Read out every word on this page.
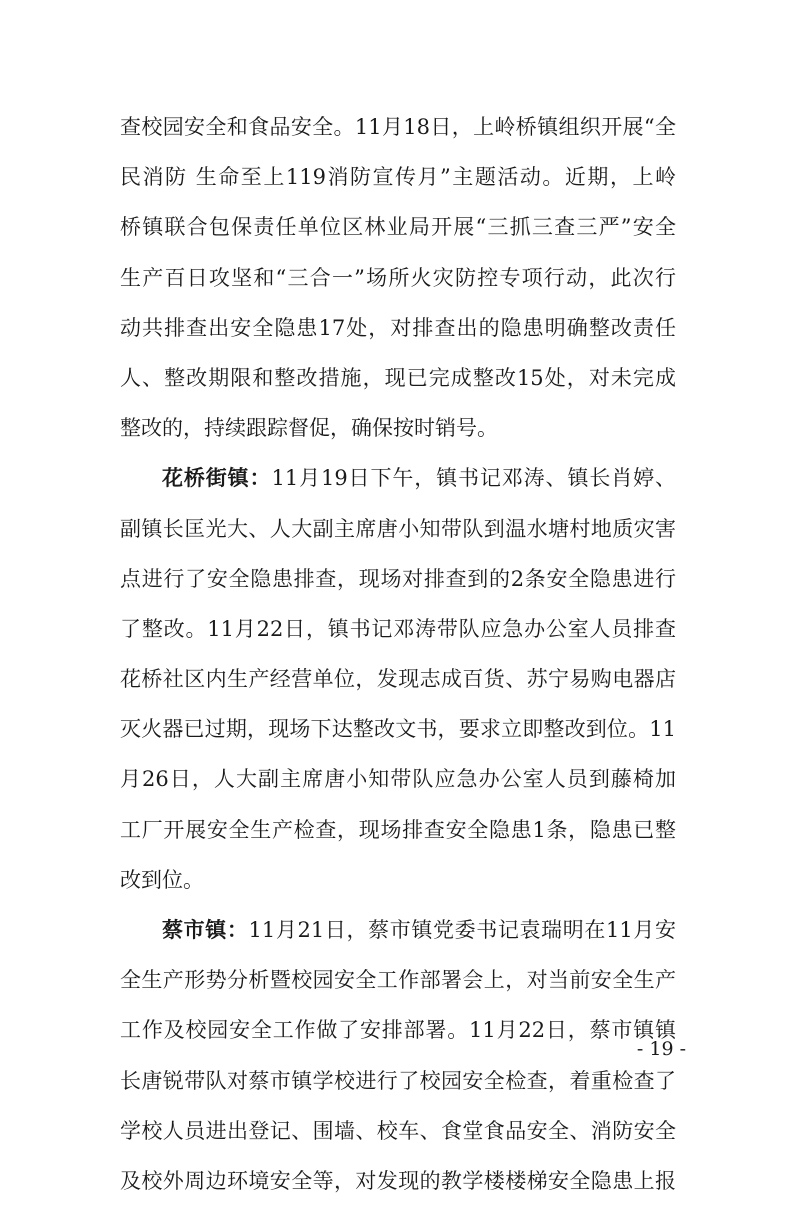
查校园安全和食品安全。11月18日，上岭桥镇组织开展“全
民消防 生命至上119消防宣传月”主题活动。近期，上岭
桥镇联合包保责任单位区林业局开展“三抓三查三严”安全
生产百日攻坚和“三合一”场所火灾防控专项行动，此次行
动共排查出安全隐患17处，对排查出的隐患明确整改责任
人、整改期限和整改措施，现已完成整改15处，对未完成
整改的，持续跟踪督促，确保按时销号。
花桥街镇：11月19日下午，镇书记邓涛、镇长肖婷、
副镇长匡光大、人大副主席唐小知带队到温水塘村地质灾害
点进行了安全隐患排查，现场对排查到的2条安全隐患进行
了整改。11月22日，镇书记邓涛带队应急办公室人员排查
花桥社区内生产经营单位，发现志成百货、苏宁易购电器店
灭火器已过期，现场下达整改文书，要求立即整改到位。11
月26日，人大副主席唐小知带队应急办公室人员到藤椅加
工厂开展安全生产检查，现场排查安全隐患1条，隐患已整
改到位。
蔡市镇：11月21日，蔡市镇党委书记袁瑞明在11月安
全生产形势分析暨校园安全工作部署会上，对当前安全生产
工作及校园安全工作做了安排部署。11月22日，蔡市镇镇
长唐锐带队对蔡市镇学校进行了校园安全检查，着重检查了
学校人员进出登记、围墙、校车、食堂食品安全、消防安全
及校外周边环境安全等，对发现的教学楼楼梯安全隐患上报
- 19 -
